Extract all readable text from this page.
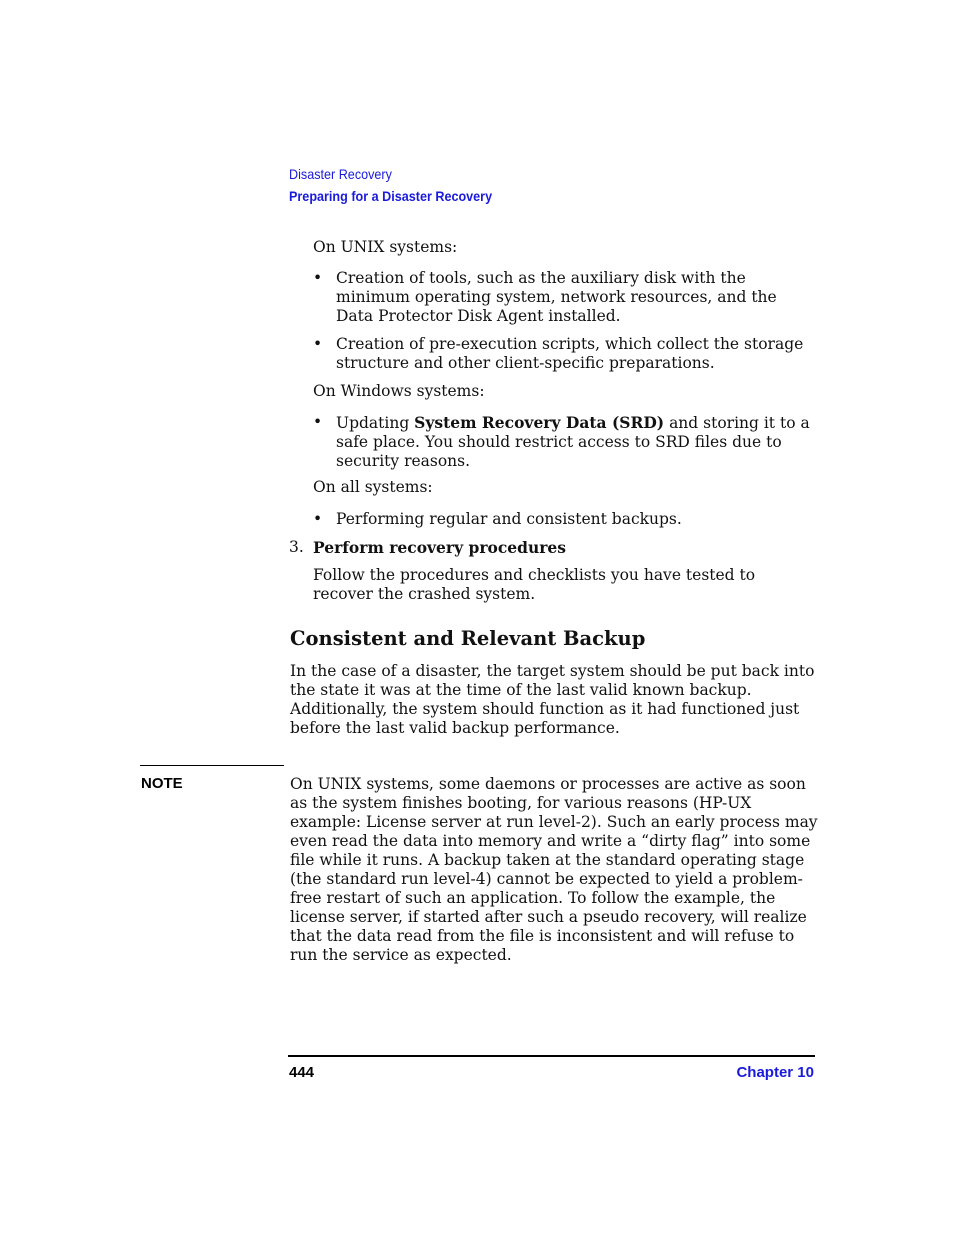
Disaster Recovery
Preparing for a Disaster Recovery
On UNIX systems:
• Creation of tools, such as the auxiliary disk with the minimum operating system, network resources, and the Data Protector Disk Agent installed.
• Creation of pre-execution scripts, which collect the storage structure and other client-specific preparations.
On Windows systems:
• Updating System Recovery Data (SRD) and storing it to a safe place. You should restrict access to SRD files due to security reasons.
On all systems:
• Performing regular and consistent backups.
3. Perform recovery procedures
Follow the procedures and checklists you have tested to recover the crashed system.
Consistent and Relevant Backup
In the case of a disaster, the target system should be put back into the state it was at the time of the last valid known backup. Additionally, the system should function as it had functioned just before the last valid backup performance.
NOTE	On UNIX systems, some daemons or processes are active as soon as the system finishes booting, for various reasons (HP-UX example: License server at run level-2). Such an early process may even read the data into memory and write a “dirty flag” into some file while it runs. A backup taken at the standard operating stage (the standard run level-4) cannot be expected to yield a problem-free restart of such an application. To follow the example, the license server, if started after such a pseudo recovery, will realize that the data read from the file is inconsistent and will refuse to run the service as expected.
444	Chapter 10
